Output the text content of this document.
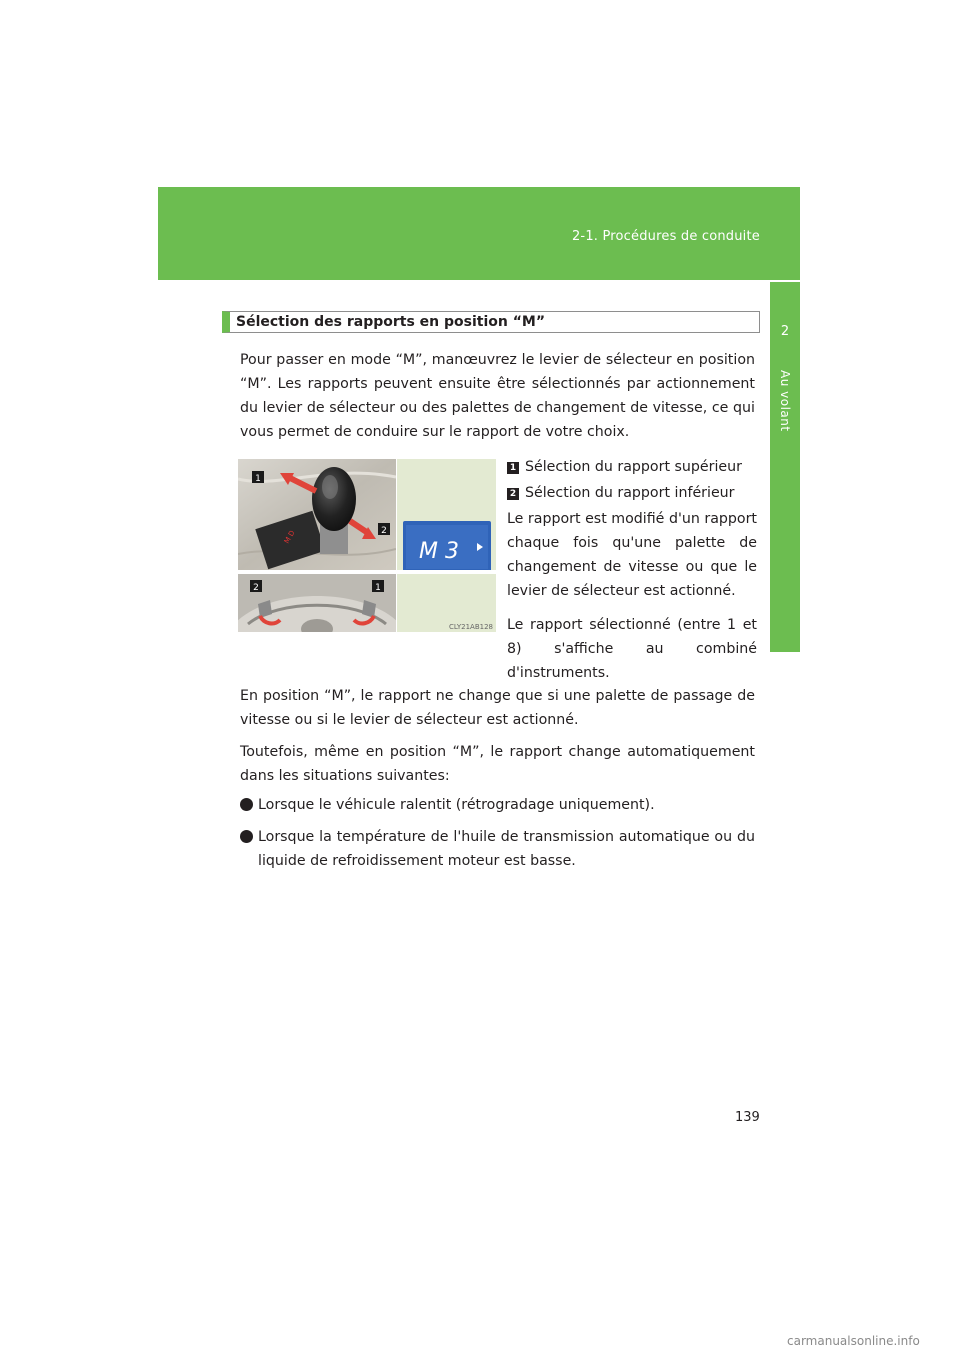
2-1. Procédures de conduite
2
Au volant
Sélection des rapports en position “M”

Pour passer en mode “M”, manœuvrez le levier de sélecteur en position “M”. Les rapports peuvent ensuite être sélectionnés par actionnement du levier de sélecteur ou des palettes de changement de vitesse, ce qui vous permet de conduire sur le rapport de votre choix.

M D
1
2
M 3
2	1
CLY21AB128

1 Sélection du rapport supérieur

2 Sélection du rapport inférieur

Le rapport est modifié d'un rapport chaque fois qu'une palette de changement de vitesse ou que le levier de sélecteur est actionné.

Le rapport sélectionné (entre 1 et 8) s'affiche au combiné d'instruments.

En position “M”, le rapport ne change que si une palette de passage de vitesse ou si le levier de sélecteur est actionné.

Toutefois, même en position “M”, le rapport change automatiquement dans les situations suivantes:

Lorsque le véhicule ralentit (rétrogradage uniquement).
Lorsque la température de l'huile de transmission automatique ou du liquide de refroidissement moteur est basse.
139
carmanualsonline.info
